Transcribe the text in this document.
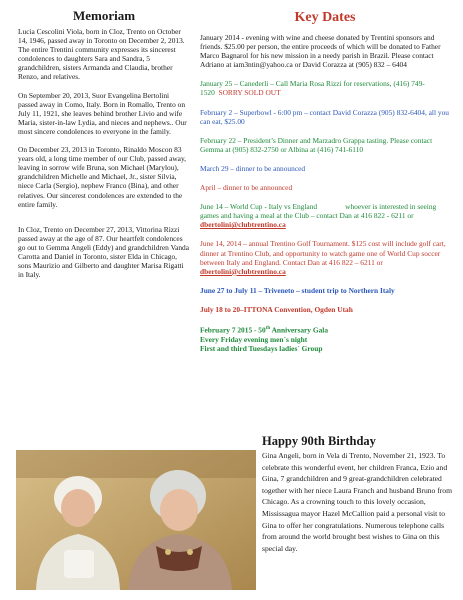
Memoriam

Lucia Cescolini Viola, born in Cloz, Trento on October 14, 1946, passed away in Toronto on December 2, 2013. The entire Trentini community expresses its sincerest condolences to daughters Sara and Sandra, 5 grandchildren, sisters Armanda and Claudia, brother Renzo, and relatives.

On September 20, 2013, Suor Evangelina Bertolini passed away in Como, Italy. Born in Romallo, Trento on July 11, 1921, she leaves behind brother Livio and wife Maria, sister-in-law Lydia, and nieces and nephews.. Our most sincere condolences to everyone in the family.

On December 23, 2013 in Toronto, Rinaldo Moscon 83 years old, a long time member of our Club, passed away, leaving in sorrow wife Bruna, son Michael (Marylou), grandchildren Michelle and Michael, Jr., sister Silvia, niece Carla (Sergio), nephew Franco (Bina), and other relatives. Our sincerest condolences are extended to the entire family.

In Cloz, Trento on December 27, 2013, Vittorina Rizzi passed away at the age of 87. Our heartfelt condolences go out to Gemma Angeli (Eddy) and grandchildren Vanda Carotta and Daniel in Toronto, sister Elda in Chicago, sons Maurizio and Gilberto and daughter Marisa Rigatti in Italy.

Key Dates

January 2014 - evening with wine and cheese donated by Trentini sponsors and friends. $25.00 per person, the entire proceeds of which will be donated to Father Marco Bagnarol for his new mission in a needy parish in Brazil. Please contact Adriano at iam3ntin@yahoo.ca or David Corazza at (905) 832 – 6404

January 25 – Canederli – Call Maria Rosa Rizzi for reservations, (416) 749-1520 SORRY SOLD OUT

February 2 – Superbowl - 6:00 pm – contact David Corazza (905) 832-6404, all you can eat, $25.00

February 22 – President’s Dinner and Marzadro Grappa tasting. Please contact Gemma at (905) 832-2750 or Albina at (416) 741-6110

March 29 – dinner to be announced

April – dinner to be announced

June 14 – World Cup - Italy vs England	whoever is interested in seeing games and having a meal at the Club – contact Dan at 416 822 - 6211 or dbertolini@clubtrentino.ca

June 14, 2014 – annual Trentino Golf Tournament. $125 cost will include golf cart, dinner at Trentino Club, and opportunity to watch game one of World Cup soccer between Italy and England. Contact Dan at 416 822 – 6211 or dbertolini@clubtrentino.ca

June 27 to July 11 – Triveneto – student trip to Northern Italy

July 18 to 20–ITTONA Convention, Ogden Utah

February 7 2015 - 50th Anniversary Gala

Every Friday evening men`s night

First and third Tuesdays ladies` Group

Happy 90th Birthday

Gina Angeli, born in Vela di Trento, November 21, 1923. To celebrate this wonderful event, her children Franca, Ezio and Gina, 7 grandchildren and 9 great-grandchildren celebrated together with her niece Laura Franch and husband Bruno from Chicago. As a crowning touch to this lovely occasion, Mississagua mayor Hazel McCallion paid a personal visit to Gina to offer her congratulations. Numerous telephone calls from around the world brought best wishes to Gina on this special day.
